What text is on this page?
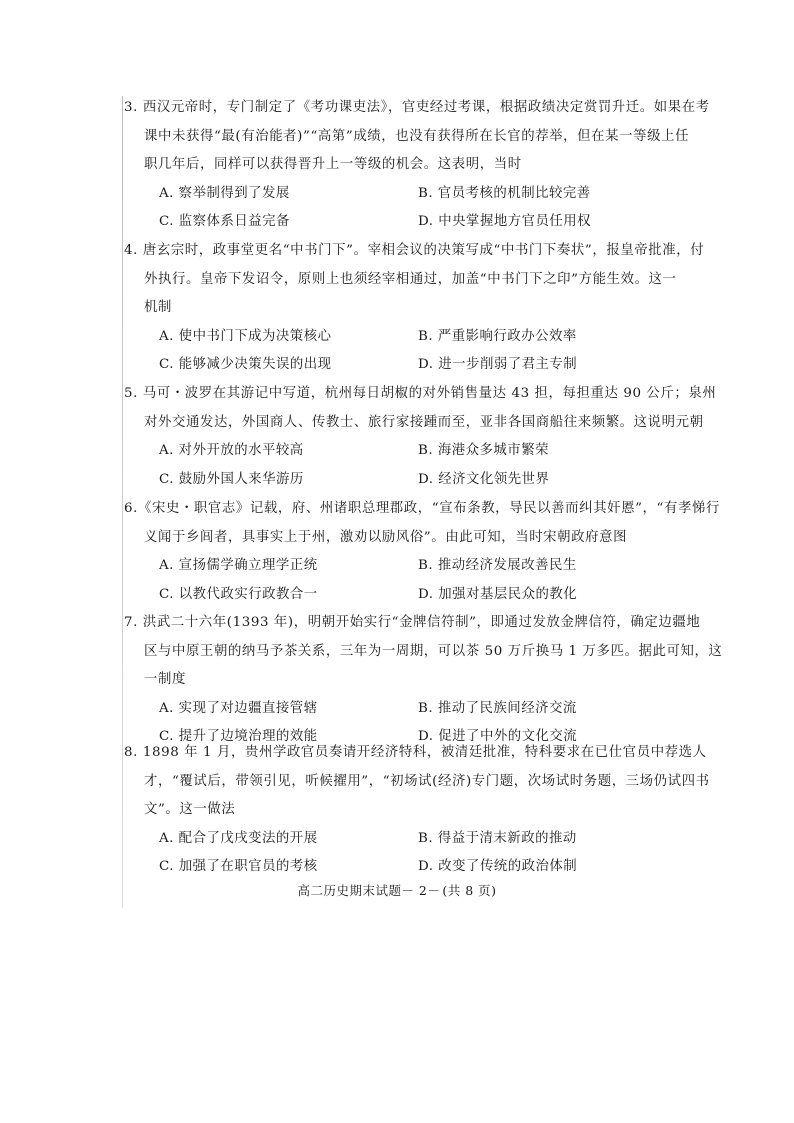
3. 西汉元帝时，专门制定了《考功课吏法》，官吏经过考课，根据政绩决定赏罚升迁。如果在考
课中未获得“最(有治能者)”“高第”成绩，也没有获得所在长官的荐举，但在某一等级上任
职几年后，同样可以获得晋升上一等级的机会。这表明，当时
A. 察举制得到了发展	B. 官员考核的机制比较完善
C. 监察体系日益完备	D. 中央掌握地方官员任用权
4. 唐玄宗时，政事堂更名“中书门下”。宰相会议的决策写成“中书门下奏状”，报皇帝批准，付
外执行。皇帝下发诏令，原则上也须经宰相通过，加盖“中书门下之印”方能生效。这一
机制
A. 使中书门下成为决策核心	B. 严重影响行政办公效率
C. 能够减少决策失误的出现	D. 进一步削弱了君主专制
5. 马可・波罗在其游记中写道，杭州每日胡椒的对外销售量达 43 担，每担重达 90 公斤；泉州
对外交通发达，外国商人、传教士、旅行家接踵而至，亚非各国商船往来频繁。这说明元朝
A. 对外开放的水平较高	B. 海港众多城市繁荣
C. 鼓励外国人来华游历	D. 经济文化领先世界
6.《宋史・职官志》记载，府、州诸职总理郡政，“宣布条教，导民以善而纠其奸慝”，“有孝悌行
义闻于乡闾者，具事实上于州，激劝以励风俗”。由此可知，当时宋朝政府意图
A. 宣扬儒学确立理学正统	B. 推动经济发展改善民生
C. 以教代政实行政教合一	D. 加强对基层民众的教化
7. 洪武二十六年(1393 年)，明朝开始实行“金牌信符制”，即通过发放金牌信符，确定边疆地
区与中原王朝的纳马予茶关系，三年为一周期，可以茶 50 万斤换马 1 万多匹。据此可知，这
一制度
A. 实现了对边疆直接管辖	B. 推动了民族间经济交流
C. 提升了边境治理的效能	D. 促进了中外的文化交流
8. 1898 年 1 月，贵州学政官员奏请开经济特科，被清廷批准，特科要求在已仕官员中荐选人
才，“覆试后，带领引见，听候擢用”，“初场试(经济)专门题，次场试时务题，三场仍试四书
文”。这一做法
A. 配合了戊戌变法的开展	B. 得益于清末新政的推动
C. 加强了在职官员的考核	D. 改变了传统的政治体制
高二历史期末试题－ 2－ (共 8 页)
